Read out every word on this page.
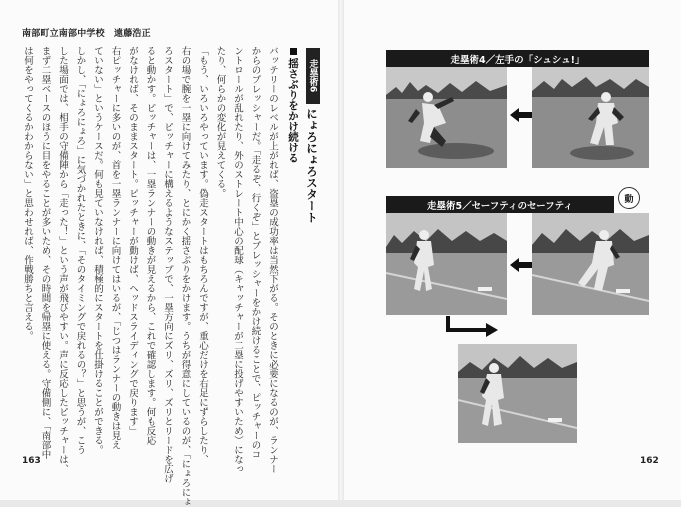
南部町立南部中学校　遠藤浩正
バッテリーのレベルが上がれば、盗塁の成功率は当然下がる。そのときに必要になるのが、ランナー
からのプレッシャーだ。「走るぞ、行くぞ」とプレッシャーをかけ続けることで、ピッチャーのコ
ントロールが乱れたり、外のストレート中心の配球（キャッチャーが二塁に投げやすいため）になっ
たり、何らかの変化が見えてくる。
「もう、いろいろやっています。偽走スタートはもちろんですが、重心だけを右足にずらしたり、
右の場で腕を一塁に向けてみたり、とにかく揺さぶりをかけます。うちが得意にしているのが、「にょろにょ
ろスタート」で、ピッチャーに構えるようなステップで、一塁方向にズリ、ズリ、ズリとリードを広げ
ると動かす。ピッチャーは、一塁ランナーの動きが見えるから、これで確認します。何も反応
がなければ、そのままスタート。ピッチャーが動けば、ヘッドスライディングで戻ります」
右ピッチャーに多いのが、首を一塁ランナーに向けてはいるが、「じつはランナーの動きは見え
ていない」というケースだ。何も見ていなければ、積極的にスタートを仕掛けることができる。
しかし、「にょろにょろ」に気づかれたときに、「そのタイミングで戻れるの？」と思うが、こう
した場面では、相手の守備陣から「走った！」という声が飛びやすい。声に反応したピッチャーは、
まず二塁ベースのほうに目をやることが多いため、その時間を帰塁に使える。守備側に、「南部中
は何をやってくるかわからない」と思わせれば、作戦勝ちと言える。	走塁術6
にょろにょろスタート
揺さぶりをかけ続ける
163
走塁術4／左手の「シュシュ!」
動
走塁術5／セーフティのセーフティ
162
